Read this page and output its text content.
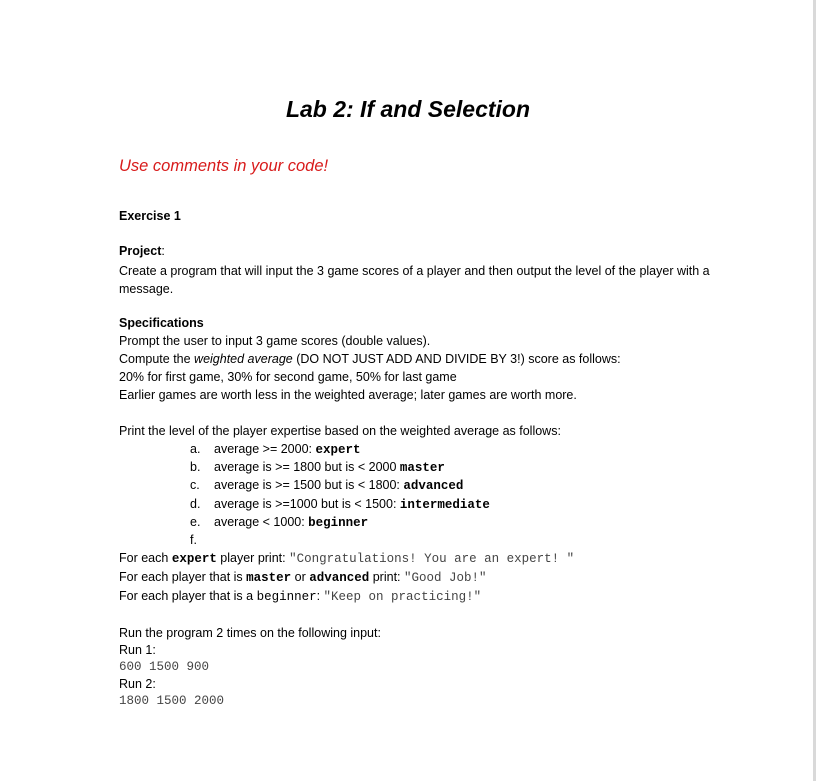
Lab 2: If and Selection
Use comments in your code!
Exercise 1
Project:
Create a program that will input the 3 game scores of a player and then output the level of the player with a message.
Specifications
Prompt the user to input 3 game scores (double values).
Compute the weighted average (DO NOT JUST ADD AND DIVIDE BY 3!) score as follows:
20% for first game, 30% for second game, 50% for last game
Earlier games are worth less in the weighted average; later games are worth more.
Print the level of the player expertise based on the weighted average as follows:
a. average >= 2000: expert
b. average is >= 1800 but is < 2000 master
c. average is >= 1500 but is < 1800: advanced
d. average is >=1000 but is < 1500: intermediate
e. average < 1000: beginner
f.
For each expert player print: "Congratulations! You are an expert! "
For each player that is master or advanced print: "Good Job!"
For each player that is a beginner: "Keep on practicing!"
Run the program 2 times on the following input:
Run 1:
600 1500 900
Run 2:
1800 1500 2000
